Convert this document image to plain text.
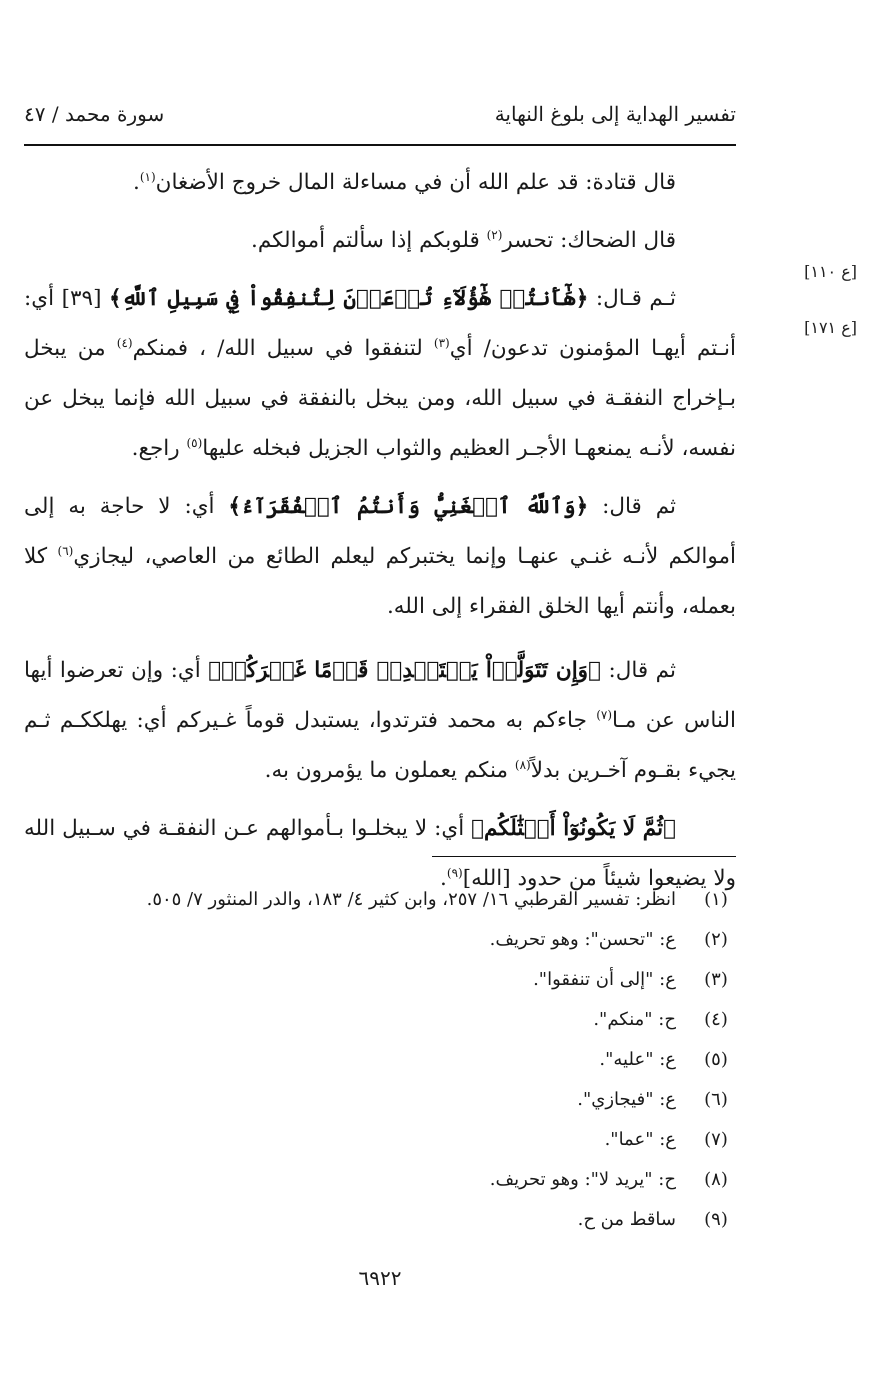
تفسير الهداية إلى بلوغ النهاية
سورة محمد / ٤٧
[ع ١١٠]
[ع ١٧١]

قال قتادة: قد علم الله أن في مساءلة المال خروج الأضغان$^{(١)}$.

قال الضحاك: تحسر$^{(٢)}$ قلوبكم إذا سألتم أموالكم.

ثـم قـال: ﴿هَٰٓأَنتُمۡ هَٰٓؤُلَآءِ تُدۡعَوۡنَ لِتُنفِقُواْ فِي سَبِيلِ ٱللَّهِ﴾ [٣٩] أي: أنـتم أيهـا المؤمنون تدعون/ أي$^{(٣)}$ لتنفقوا في سبيل الله/ ، فمنكم$^{(٤)}$ من يبخل بـإخراج النفقـة في سبيل الله، ومن يبخل بالنفقة في سبيل الله فإنما يبخل عن نفسه، لأنـه يمنعهـا الأجـر العظيم والثواب الجزيل فبخله عليها$^{(٥)}$ راجع.

ثم قال: ﴿وَٱللَّهُ ٱلۡغَنِيُّ وَأَنتُمُ ٱلۡفُقَرَآءُ﴾ أي: لا حاجة به إلى أموالكم لأنـه غنـي عنهـا وإنما يختبركم ليعلم الطائع من العاصي، ليجازي$^{(٦)}$ كلا بعمله، وأنتم أيها الخلق الفقراء إلى الله.

ثم قال: ﴿وَإِن تَتَوَلَّوۡاْ يَسۡتَبۡدِلۡ قَوۡمًا غَيۡرَكُمۡ﴾ أي: وإن تعرضوا أيها الناس عن مـا$^{(٧)}$ جاءكم به محمد فترتدوا، يستبدل قوماً غـيركم أي: يهلككـم ثـم يجيء بقـوم آخـرين بدلاً$^{(٨)}$ منكم يعملون ما يؤمرون به.

﴿ثُمَّ لَا يَكُونُوٓاْ أَمۡثَٰلَكُم﴾ أي: لا يبخلـوا بـأموالهم عـن النفقـة في سـبيل الله ولا يضيعوا شيئاً من حدود [الله]$^{(٩)}$.

(١)
انظر: تفسير القرطبي ١٦/ ٢٥٧، وابن كثير ٤/ ١٨٣، والدر المنثور ٧/ ٥٠٥.
(٢)
ع: "تحسن": وهو تحريف.
(٣)
ع: "إلى أن تنفقوا".
(٤)
ح: "منكم".
(٥)
ع: "عليه".
(٦)
ع: "فيجازي".
(٧)
ع: "عما".
(٨)
ح: "يريد لا": وهو تحريف.
(٩)
ساقط من ح.
٦٩٢٢
